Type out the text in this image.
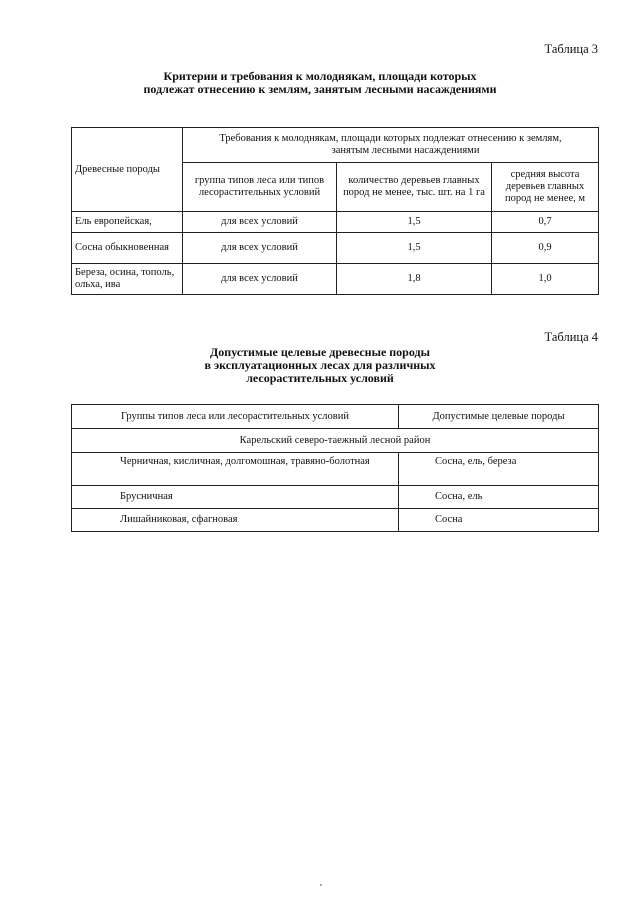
Таблица 3
Критерии и требования к молоднякам, площади которых
подлежат отнесению к землям, занятым лесными насаждениями
Древесные породы	Требования к молоднякам, площади которых подлежат отнесению к землям,
занятым лесными насаждениями		

	группа типов леса или типов лесорастительных условий	количество деревьев главных пород не менее, тыс. шт. на 1 га	средняя высота деревьев главных пород не менее, м
Ель европейская,	для всех условий	1,5	0,7
Сосна обыкновенная	для всех условий	1,5	0,9
Береза, осина, тополь, ольха, ива	для всех условий	1,8	1,0
Таблица 4
Допустимые целевые древесные породы
в эксплуатационных лесах для различных
лесорастительных условий
Группы типов леса или лесорастительных условий	Допустимые целевые породы
Карельский северо-таежный лесной район	
Черничная, кисличная, долгомошная, травяно-болотная	Сосна, ель, береза
Брусничная	Сосна, ель
Лишайниковая, сфагновая	Сосна
